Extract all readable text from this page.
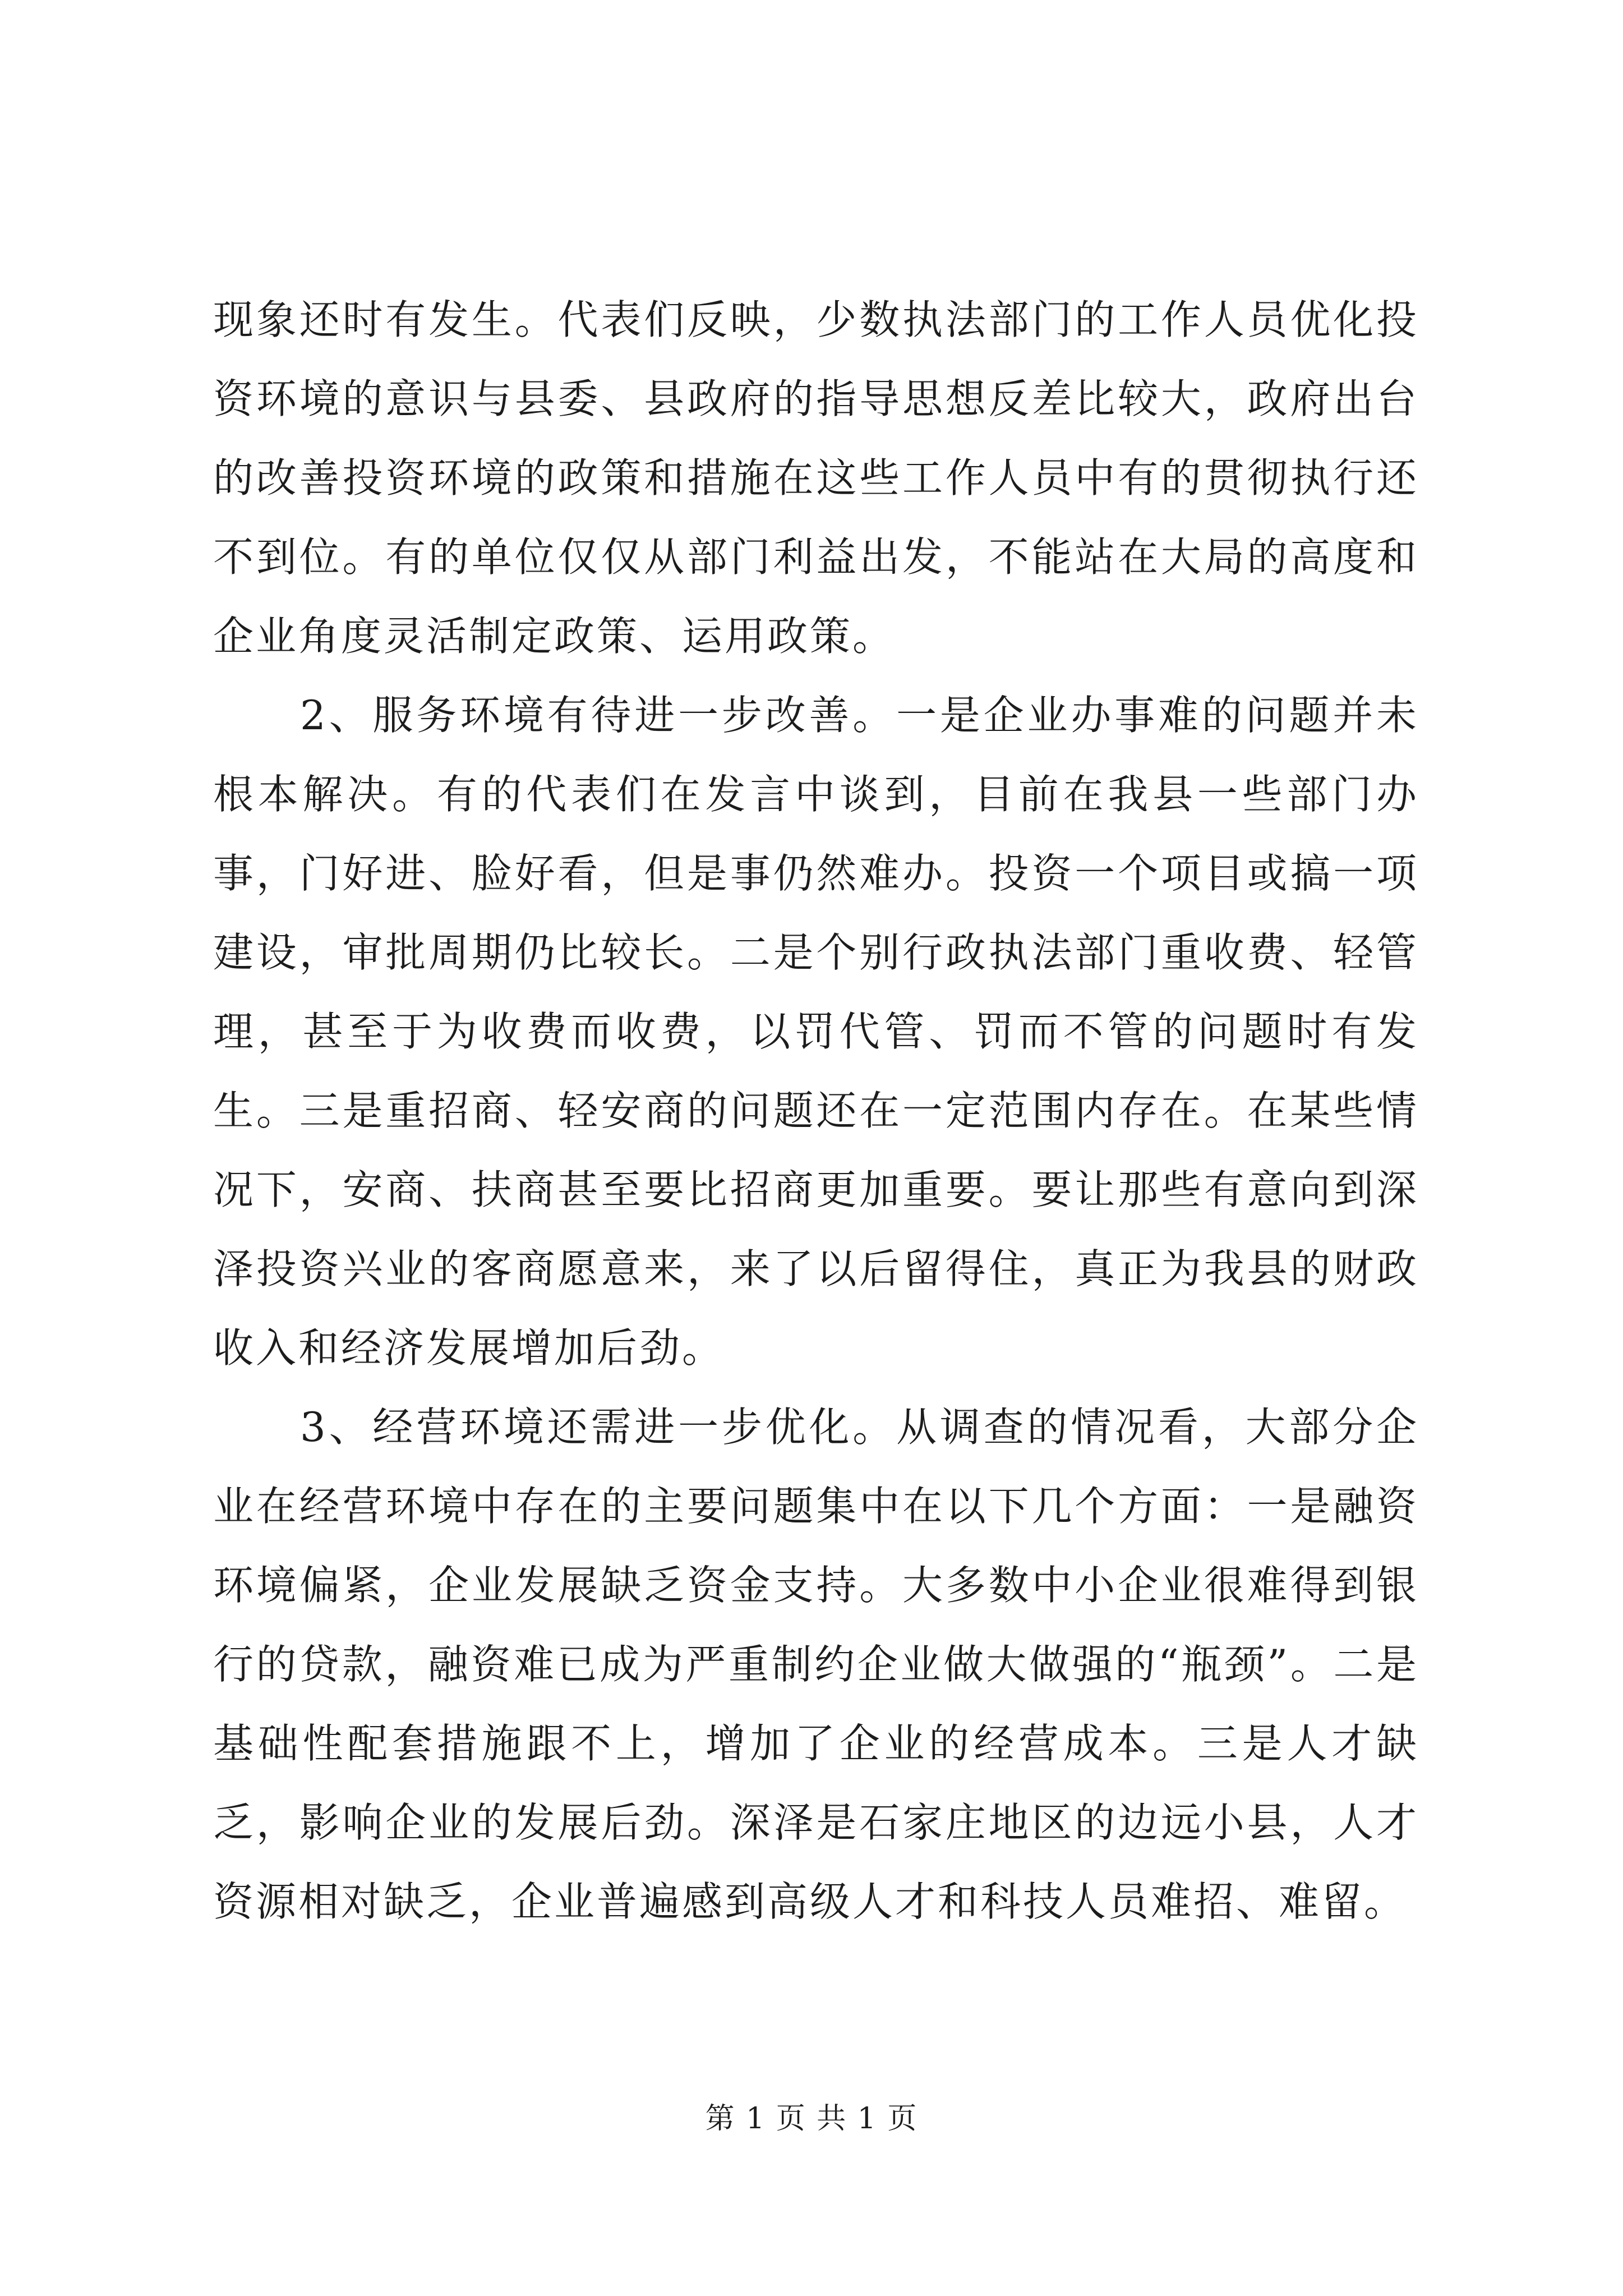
现象还时有发生。代表们反映，少数执法部门的工作人员优化投资环境的意识与县委、县政府的指导思想反差比较大，政府出台的改善投资环境的政策和措施在这些工作人员中有的贯彻执行还不到位。有的单位仅仅从部门利益出发，不能站在大局的高度和企业角度灵活制定政策、运用政策。

2、服务环境有待进一步改善。一是企业办事难的问题并未根本解决。有的代表们在发言中谈到，目前在我县一些部门办事，门好进、脸好看，但是事仍然难办。投资一个项目或搞一项建设，审批周期仍比较长。二是个别行政执法部门重收费、轻管理，甚至于为收费而收费，以罚代管、罚而不管的问题时有发生。三是重招商、轻安商的问题还在一定范围内存在。在某些情况下，安商、扶商甚至要比招商更加重要。要让那些有意向到深泽投资兴业的客商愿意来，来了以后留得住，真正为我县的财政收入和经济发展增加后劲。

3、经营环境还需进一步优化。从调查的情况看，大部分企业在经营环境中存在的主要问题集中在以下几个方面：一是融资环境偏紧，企业发展缺乏资金支持。大多数中小企业很难得到银行的贷款，融资难已成为严重制约企业做大做强的“瓶颈”。二是基础性配套措施跟不上，增加了企业的经营成本。三是人才缺乏，影响企业的发展后劲。深泽是石家庄地区的边远小县，人才资源相对缺乏，企业普遍感到高级人才和科技人员难招、难留。

第 1 页 共 1 页
